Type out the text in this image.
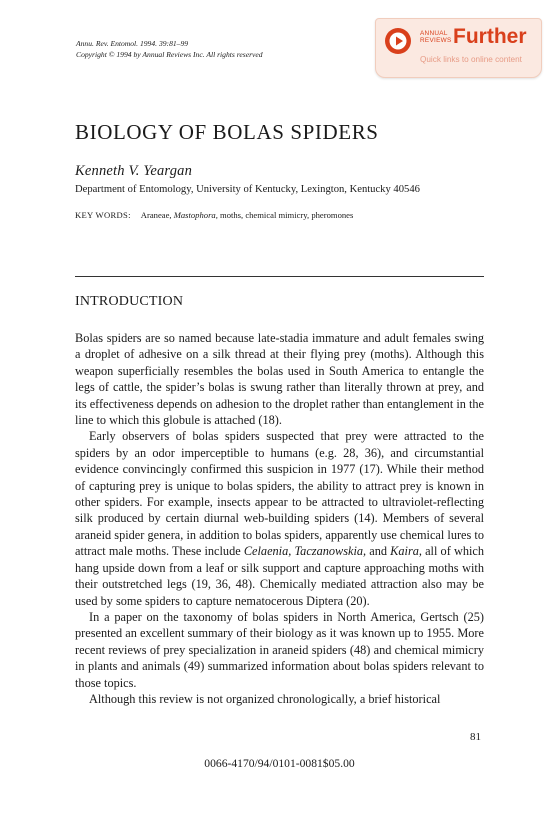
Annu. Rev. Entomol. 1994. 39:81–99
Copyright © 1994 by Annual Reviews Inc. All rights reserved
ANNUAL
REVIEWS Further
Quick links to online content
BIOLOGY OF BOLAS SPIDERS
Kenneth V. Yeargan
Department of Entomology, University of Kentucky, Lexington, Kentucky 40546
KEY WORDS: Araneae, Mastophora, moths, chemical mimicry, pheromones
INTRODUCTION

Bolas spiders are so named because late-stadia immature and adult females swing a droplet of adhesive on a silk thread at their flying prey (moths). Although this weapon superficially resembles the bolas used in South America to entangle the legs of cattle, the spider’s bolas is swung rather than literally thrown at prey, and its effectiveness depends on adhesion to the droplet rather than entanglement in the line to which this globule is attached (18).

Early observers of bolas spiders suspected that prey were attracted to the spiders by an odor imperceptible to humans (e.g. 28, 36), and circumstantial evidence convincingly confirmed this suspicion in 1977 (17). While their method of capturing prey is unique to bolas spiders, the ability to attract prey is known in other spiders. For example, insects appear to be attracted to ultraviolet-reflecting silk produced by certain diurnal web-building spiders (14). Members of several araneid spider genera, in addition to bolas spiders, apparently use chemical lures to attract male moths. These include Celaenia, Taczanowskia, and Kaira, all of which hang upside down from a leaf or silk support and capture approaching moths with their outstretched legs (19, 36, 48). Chemically mediated attraction also may be used by some spiders to capture nematocerous Diptera (20).

In a paper on the taxonomy of bolas spiders in North America, Gertsch (25) presented an excellent summary of their biology as it was known up to 1955. More recent reviews of prey specialization in araneid spiders (48) and chemical mimicry in plants and animals (49) summarized information about bolas spiders relevant to those topics.

Although this review is not organized chronologically, a brief historical

81
0066-4170/94/0101-0081$05.00
